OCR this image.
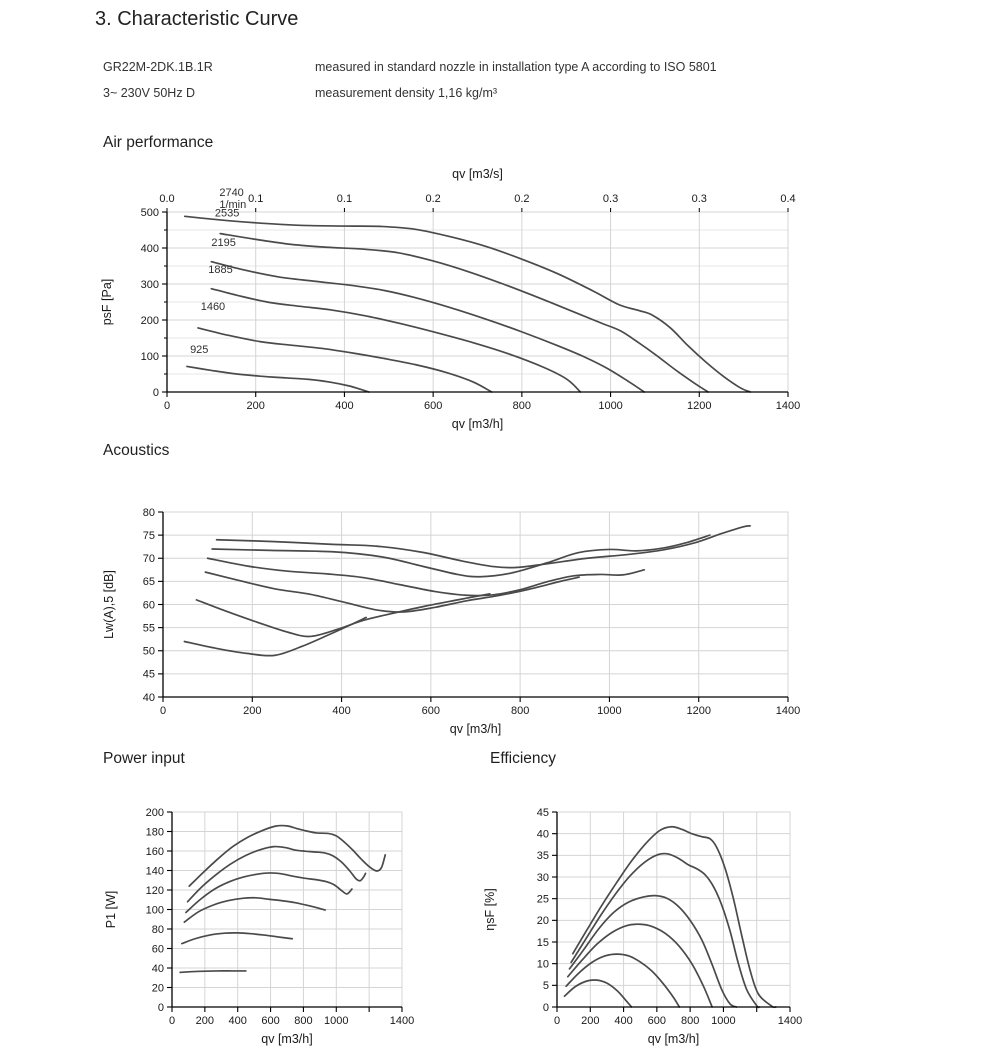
3. Characteristic Curve
GR22M-2DK.1B.1R	measured in standard nozzle in installation type A according to ISO 5801
3~ 230V 50Hz D	measurement density 1,16 kg/m³
Air performance
0
100
200
300
400
500
0	200	400	600	800	1000	1200	1400
0.0	0.1	0.1	0.2	0.2	0.3	0.3	0.4
qv [m3/s]
qv [m3/h]
psF [Pa]
2740
1/min
2535
2195
1885
1460
925
Acoustics
40
45
50
55
60
65
70
75
80
0	200	400	600	800	1000	1200	1400
qv [m3/h]
Lw(A),5 [dB]
Power input
0
20
40
60
80
100
120
140
160
180
200
0 200 400 600 800 1000	1400
qv [m3/h]
P1 [W]
Efficiency
0
5
10
15
20
25
30
35
40
45
0 200 400 600 800 1000	1400
qv [m3/h]
ηsF [%]
